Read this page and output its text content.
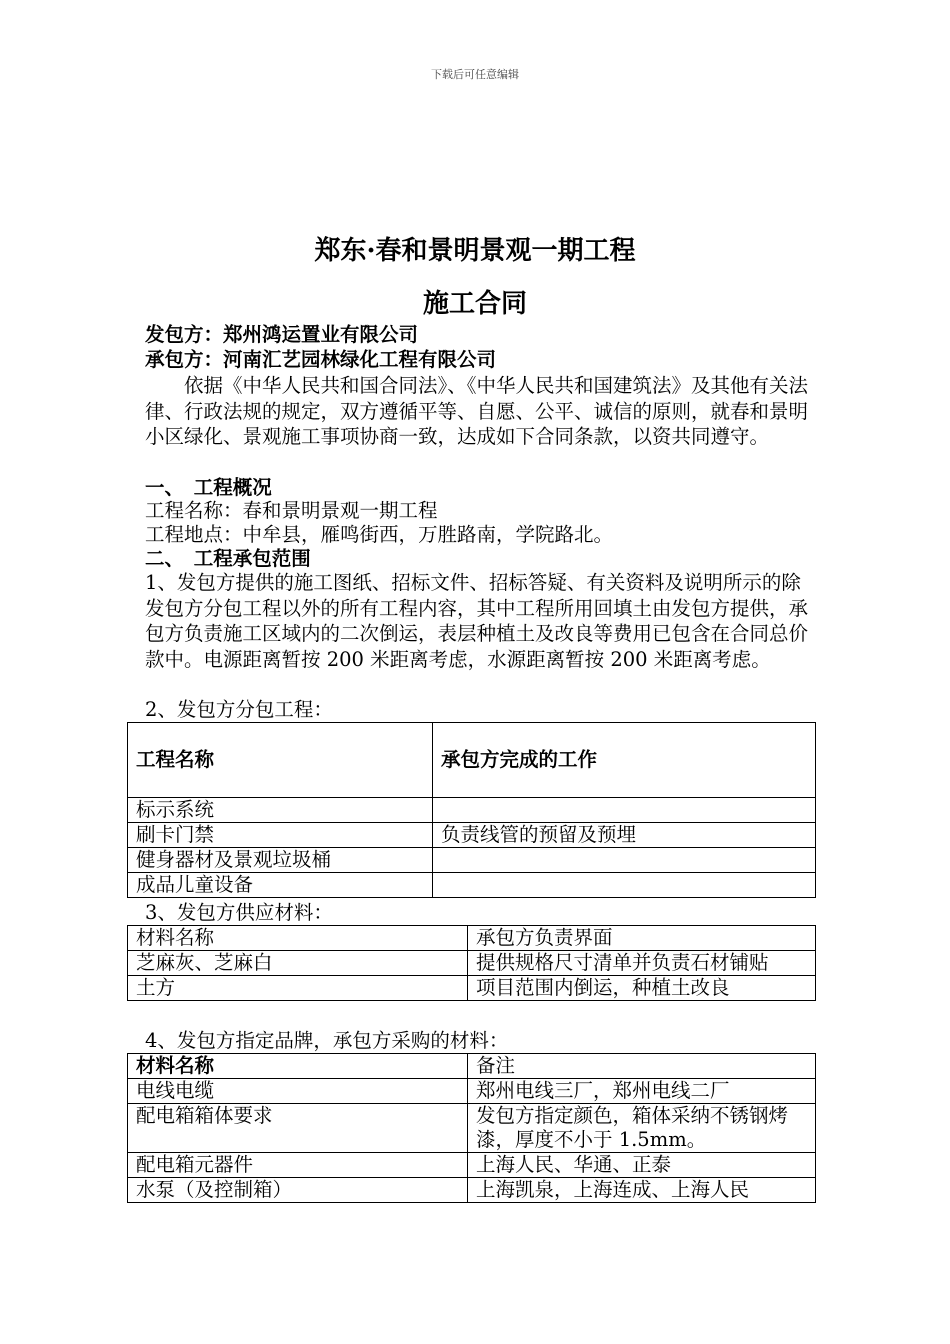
下载后可任意编辑
郑东·春和景明景观一期工程
施工合同
发包方：郑州鸿运置业有限公司
承包方：河南汇艺园林绿化工程有限公司
依据《中华人民共和国合同法》、《中华人民共和国建筑法》及其他有关法律、行政法规的规定，双方遵循平等、自愿、公平、诚信的原则，就春和景明小区绿化、景观施工事项协商一致，达成如下合同条款，以资共同遵守。
一、　工程概况
工程名称：春和景明景观一期工程
工程地点：中牟县，雁鸣街西，万胜路南，学院路北。
二、　工程承包范围
1、发包方提供的施工图纸、招标文件、招标答疑、有关资料及说明所示的除发包方分包工程以外的所有工程内容，其中工程所用回填土由发包方提供，承包方负责施工区域内的二次倒运，表层种植土及改良等费用已包含在合同总价款中。电源距离暂按 200 米距离考虑，水源距离暂按 200 米距离考虑。
2、发包方分包工程：
工程名称	承包方完成的工作
标示系统	
刷卡门禁	负责线管的预留及预埋
健身器材及景观垃圾桶	
成品儿童设备	
3、发包方供应材料：
材料名称	承包方负责界面
芝麻灰、芝麻白	提供规格尺寸清单并负责石材铺贴
土方	项目范围内倒运，种植土改良
4、发包方指定品牌，承包方采购的材料：
材料名称	备注
电线电缆	郑州电线三厂，郑州电线二厂
配电箱箱体要求	发包方指定颜色，箱体采纳不锈钢烤漆，厚度不小于 1.5mm。
配电箱元器件	上海人民、华通、正泰
水泵（及控制箱）	上海凯泉，上海连成、上海人民
